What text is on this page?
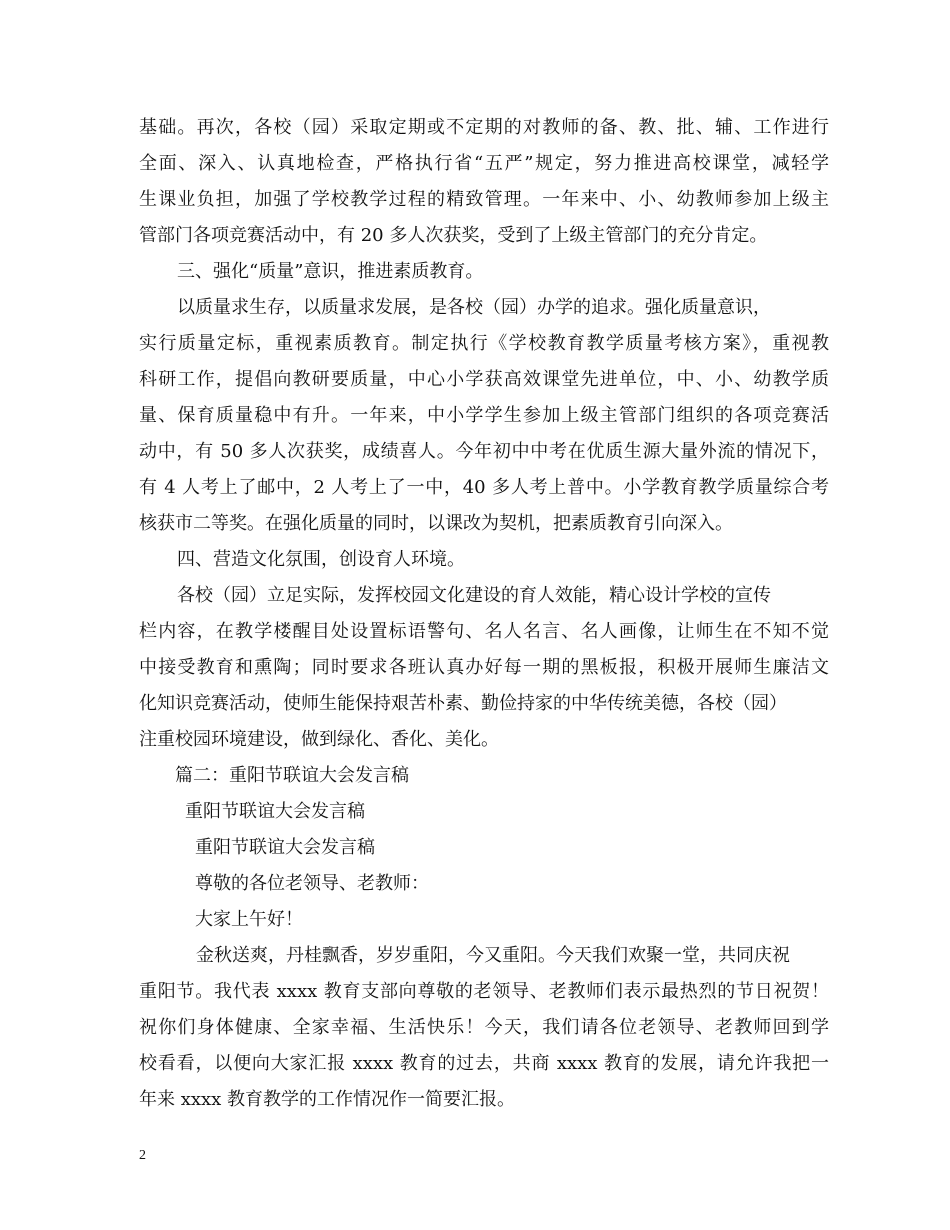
基础。再次，各校（园）采取定期或不定期的对教师的备、教、批、辅、工作进行
全面、深入、认真地检查，严格执行省“五严”规定，努力推进高校课堂，减轻学
生课业负担，加强了学校教学过程的精致管理。一年来中、小、幼教师参加上级主
管部门各项竞赛活动中，有 20 多人次获奖，受到了上级主管部门的充分肯定。
三、强化“质量”意识，推进素质教育。
以质量求生存，以质量求发展，是各校（园）办学的追求。强化质量意识，
实行质量定标，重视素质教育。制定执行《学校教育教学质量考核方案》，重视教
科研工作，提倡向教研要质量，中心小学获高效课堂先进单位，中、小、幼教学质
量、保育质量稳中有升。一年来，中小学学生参加上级主管部门组织的各项竞赛活
动中，有 50 多人次获奖，成绩喜人。今年初中中考在优质生源大量外流的情况下，
有 4 人考上了邮中，2 人考上了一中，40 多人考上普中。小学教育教学质量综合考
核获市二等奖。在强化质量的同时，以课改为契机，把素质教育引向深入。
四、营造文化氛围，创设育人环境。
各校（园）立足实际，发挥校园文化建设的育人效能，精心设计学校的宣传
栏内容，在教学楼醒目处设置标语警句、名人名言、名人画像，让师生在不知不觉
中接受教育和熏陶；同时要求各班认真办好每一期的黑板报，积极开展师生廉洁文
化知识竞赛活动，使师生能保持艰苦朴素、勤俭持家的中华传统美德，各校（园）
注重校园环境建设，做到绿化、香化、美化。
篇二：重阳节联谊大会发言稿
重阳节联谊大会发言稿
重阳节联谊大会发言稿
尊敬的各位老领导、老教师：
大家上午好！
金秋送爽，丹桂飘香，岁岁重阳，今又重阳。今天我们欢聚一堂，共同庆祝
重阳节。我代表 xxxx 教育支部向尊敬的老领导、老教师们表示最热烈的节日祝贺！
祝你们身体健康、全家幸福、生活快乐！今天，我们请各位老领导、老教师回到学
校看看，以便向大家汇报 xxxx 教育的过去，共商 xxxx 教育的发展，请允许我把一
年来 xxxx 教育教学的工作情况作一简要汇报。
2
